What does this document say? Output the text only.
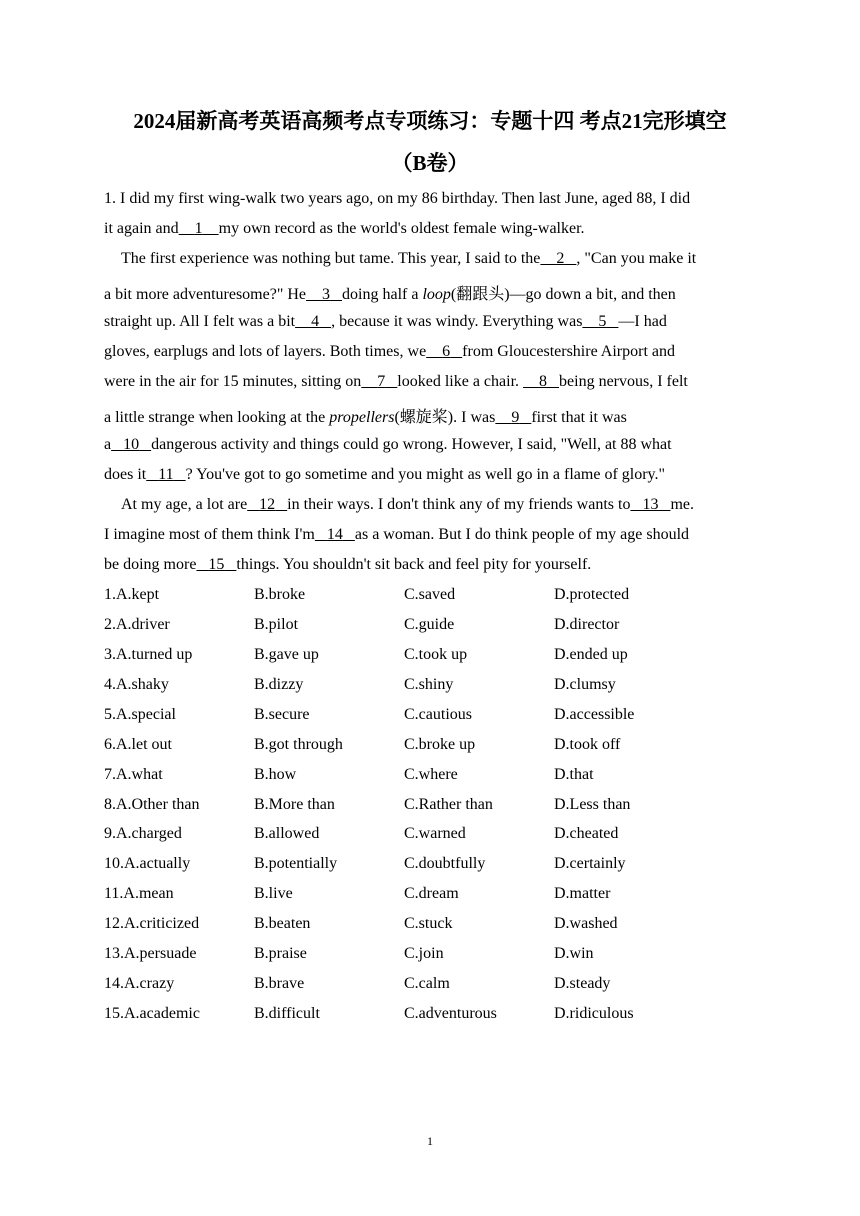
2024届新高考英语高频考点专项练习：专题十四 考点21完形填空
（B卷）
1. I did my first wing-walk two years ago, on my 86 birthday. Then last June, aged 88, I did
it again and 1 my own record as the world's oldest female wing-walker.
The first experience was nothing but tame. This year, I said to the 2 , "Can you make it
a bit more adventuresome?" He 3 doing half a loop(翻跟头)—go down a bit, and then
straight up. All I felt was a bit 4 , because it was windy. Everything was 5 —I had
gloves, earplugs and lots of layers. Both times, we 6 from Gloucestershire Airport and
were in the air for 15 minutes, sitting on 7 looked like a chair.     8 being nervous, I felt
a little strange when looking at the propellers(螺旋桨). I was 9 first that it was
a 10 dangerous activity and things could go wrong. However, I said, "Well, at 88 what
does it 11 ? You've got to go sometime and you might as well go in a flame of glory."
At my age, a lot are 12 in their ways. I don't think any of my friends wants to 13 me.
I imagine most of them think I'm 14 as a woman. But I do think people of my age should
be doing more 15 things. You shouldn't sit back and feel pity for yourself.
1.A.kept	B.broke	C.saved	D.protected
2.A.driver	B.pilot	C.guide	D.director
3.A.turned up	B.gave up	C.took up	D.ended up
4.A.shaky	B.dizzy	C.shiny	D.clumsy
5.A.special	B.secure	C.cautious	D.accessible
6.A.let out	B.got through	C.broke up	D.took off
7.A.what	B.how	C.where	D.that
8.A.Other than	B.More than	C.Rather than	D.Less than
9.A.charged	B.allowed	C.warned	D.cheated
10.A.actually	B.potentially	C.doubtfully	D.certainly
11.A.mean	B.live	C.dream	D.matter
12.A.criticized	B.beaten	C.stuck	D.washed
13.A.persuade	B.praise	C.join	D.win
14.A.crazy	B.brave	C.calm	D.steady
15.A.academic	B.difficult	C.adventurous	D.ridiculous
1
